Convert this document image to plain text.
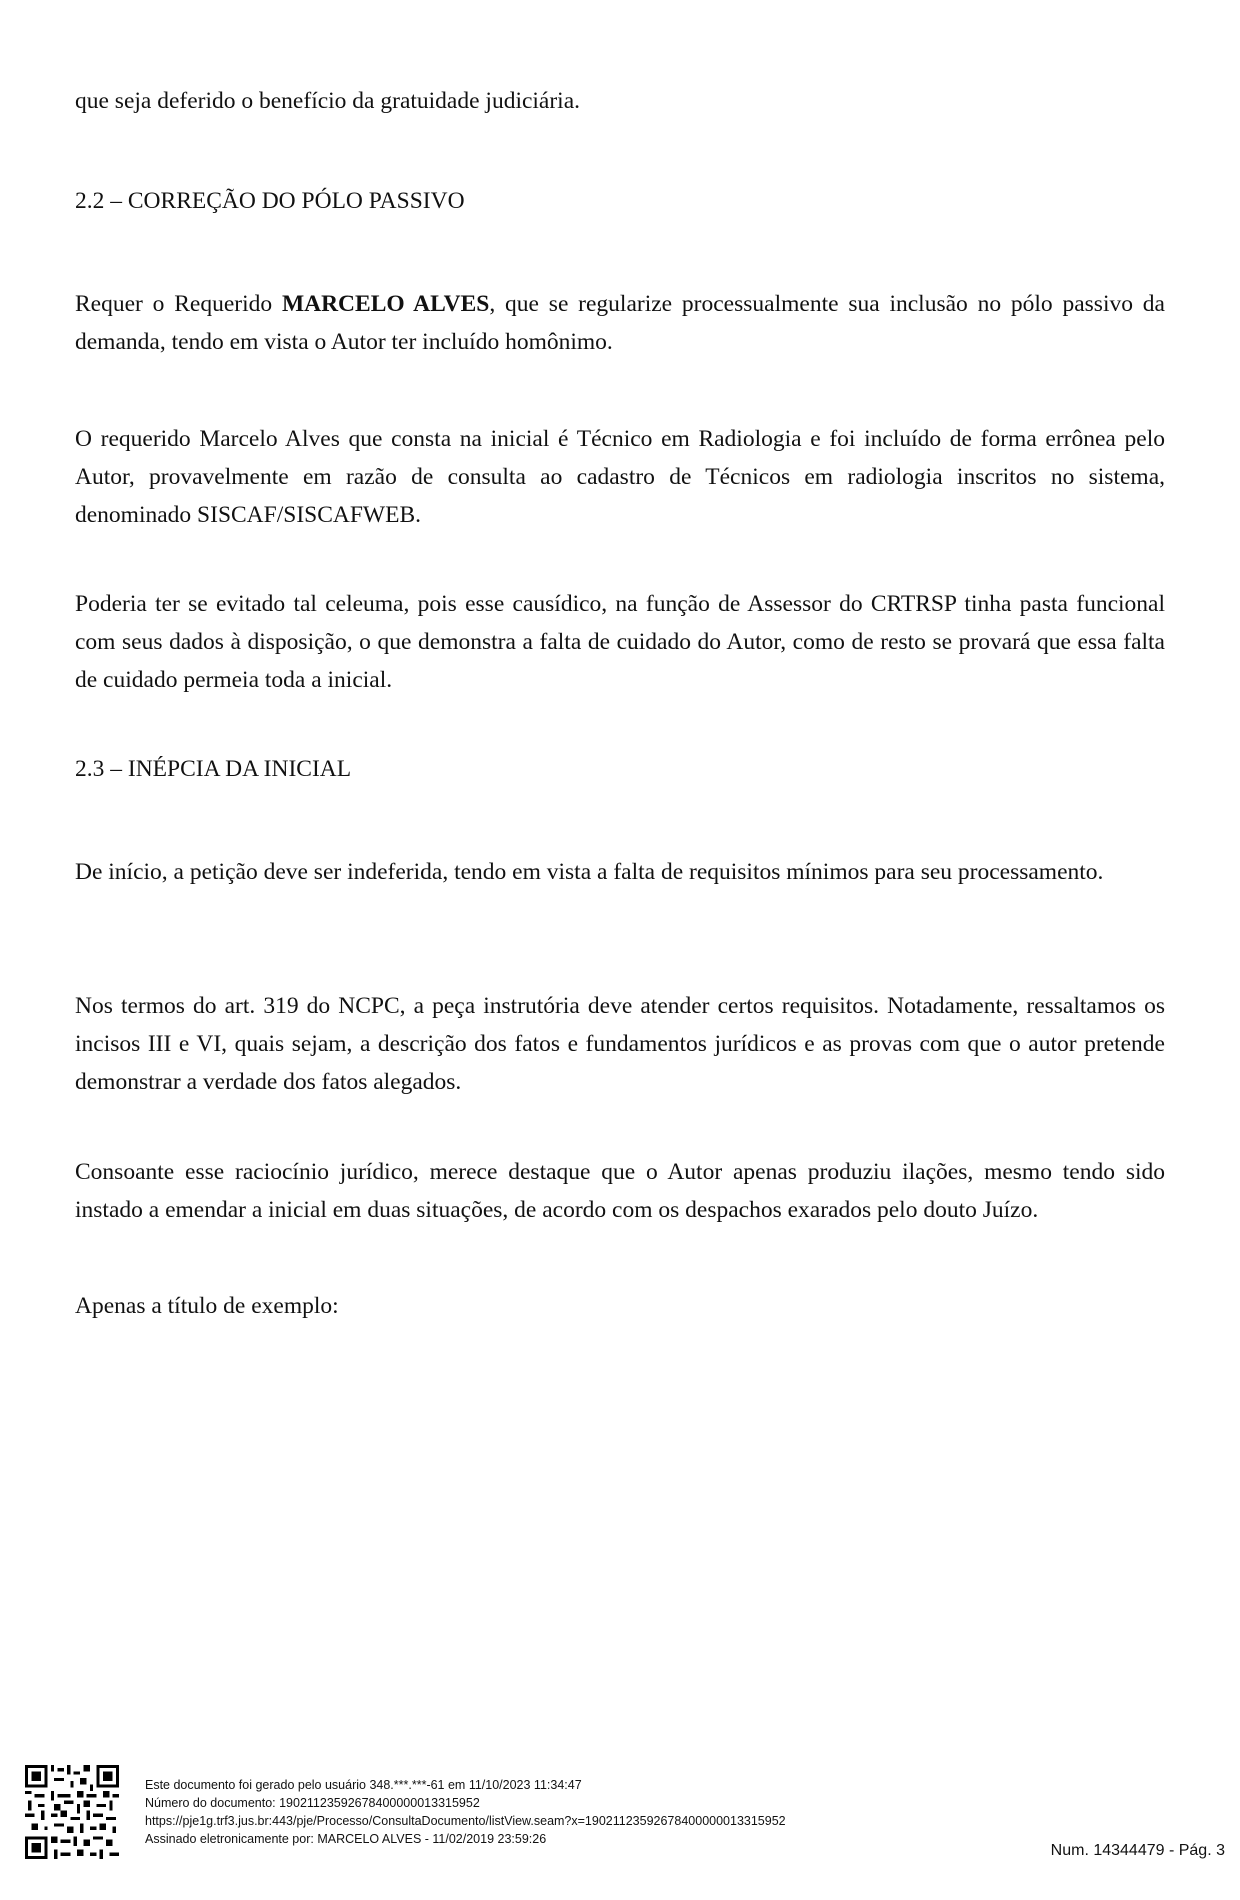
que seja deferido o benefício da gratuidade judiciária.

2.2 – CORREÇÃO DO PÓLO PASSIVO

Requer o Requerido MARCELO ALVES, que se regularize processualmente sua inclusão no pólo passivo da demanda, tendo em vista o Autor ter incluído homônimo.

O requerido Marcelo Alves que consta na inicial é Técnico em Radiologia e foi incluído de forma errônea pelo Autor, provavelmente em razão de consulta ao cadastro de Técnicos em radiologia inscritos no sistema, denominado SISCAF/SISCAFWEB.

Poderia ter se evitado tal celeuma, pois esse causídico, na função de Assessor do CRTRSP tinha pasta funcional com seus dados à disposição, o que demonstra a falta de cuidado do Autor, como de resto se provará que essa falta de cuidado permeia toda a inicial.

2.3 – INÉPCIA DA INICIAL

De início, a petição deve ser indeferida, tendo em vista a falta de requisitos mínimos para seu processamento.

Nos termos do art. 319 do NCPC, a peça instrutória deve atender certos requisitos. Notadamente, ressaltamos os incisos III e VI, quais sejam, a descrição dos fatos e fundamentos jurídicos e as provas com que o autor pretende demonstrar a verdade dos fatos alegados.

Consoante esse raciocínio jurídico, merece destaque que o Autor apenas produziu ilações, mesmo tendo sido instado a emendar a inicial em duas situações, de acordo com os despachos exarados pelo douto Juízo.

Apenas a título de exemplo:

Este documento foi gerado pelo usuário 348.***.***-61 em 11/10/2023 11:34:47
Número do documento: 19021123592678400000013315952
https://pje1g.trf3.jus.br:443/pje/Processo/ConsultaDocumento/listView.seam?x=19021123592678400000013315952
Assinado eletronicamente por: MARCELO ALVES - 11/02/2019 23:59:26
Num. 14344479 - Pág. 3
